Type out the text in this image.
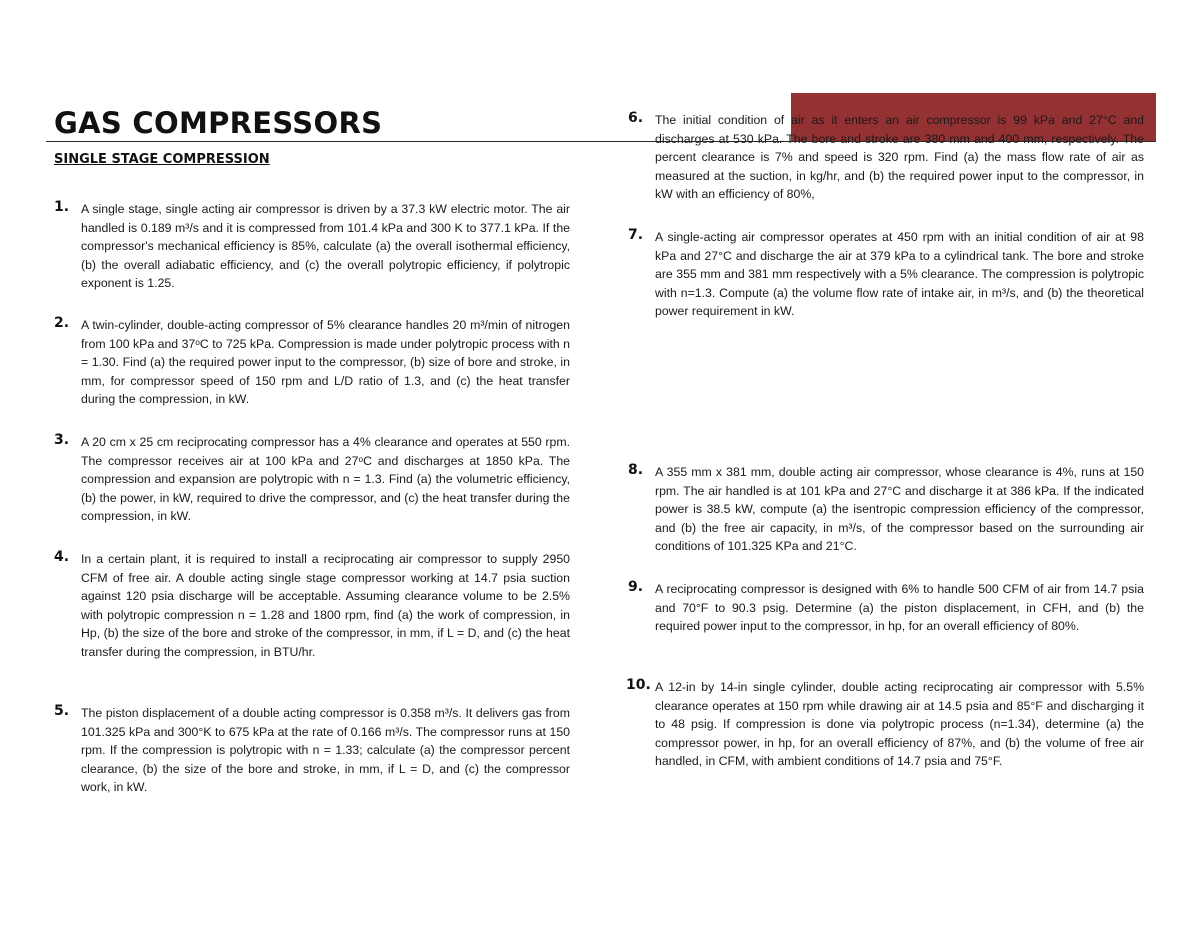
GAS COMPRESSORS
SINGLE STAGE COMPRESSION
1. A single stage, single acting air compressor is driven by a 37.3 kW electric motor. The air handled is 0.189 m³/s and it is compressed from 101.4 kPa and 300 K to 377.1 kPa. If the compressor's mechanical efficiency is 85%, calculate (a) the overall isothermal efficiency, (b) the overall adiabatic efficiency, and (c) the overall polytropic efficiency, if polytropic exponent is 1.25.

2. A twin-cylinder, double-acting compressor of 5% clearance handles 20 m³/min of nitrogen from 100 kPa and 37ᵒC to 725 kPa. Compression is made under polytropic process with n = 1.30. Find (a) the required power input to the compressor, (b) size of bore and stroke, in mm, for compressor speed of 150 rpm and L/D ratio of 1.3, and (c) the heat transfer during the compression, in kW.

3. A 20 cm x 25 cm reciprocating compressor has a 4% clearance and operates at 550 rpm. The compressor receives air at 100 kPa and 27ᵒC and discharges at 1850 kPa. The compression and expansion are polytropic with n = 1.3. Find (a) the volumetric efficiency, (b) the power, in kW, required to drive the compressor, and (c) the heat transfer during the compression, in kW.

4. In a certain plant, it is required to install a reciprocating air compressor to supply 2950 CFM of free air. A double acting single stage compressor working at 14.7 psia suction against 120 psia discharge will be acceptable. Assuming clearance volume to be 2.5% with polytropic compression n = 1.28 and 1800 rpm, find (a) the work of compression, in Hp, (b) the size of the bore and stroke of the compressor, in mm, if L = D, and (c) the heat transfer during the compression, in BTU/hr.

5. The piston displacement of a double acting compressor is 0.358 m³/s. It delivers gas from 101.325 kPa and 300°K to 675 kPa at the rate of 0.166 m³/s. The compressor runs at 150 rpm. If the compression is polytropic with n = 1.33; calculate (a) the compressor percent clearance, (b) the size of the bore and stroke, in mm, if L = D, and (c) the compressor work, in kW.

6. The initial condition of air as it enters an air compressor is 99 kPa and 27°C and discharges at 530 kPa. The bore and stroke are 380 mm and 400 mm, respectively. The percent clearance is 7% and speed is 320 rpm. Find (a) the mass flow rate of air as measured at the suction, in kg/hr, and (b) the required power input to the compressor, in kW with an efficiency of 80%,

7. A single-acting air compressor operates at 450 rpm with an initial condition of air at 98 kPa and 27°C and discharge the air at 379 kPa to a cylindrical tank. The bore and stroke are 355 mm and 381 mm respectively with a 5% clearance. The compression is polytropic with n=1.3. Compute (a) the volume flow rate of intake air, in m³/s, and (b) the theoretical power requirement in kW.

8. A 355 mm x 381 mm, double acting air compressor, whose clearance is 4%, runs at 150 rpm. The air handled is at 101 kPa and 27°C and discharge it at 386 kPa. If the indicated power is 38.5 kW, compute (a) the isentropic compression efficiency of the compressor, and (b) the free air capacity, in m³/s, of the compressor based on the surrounding air conditions of 101.325 KPa and 21°C.

9. A reciprocating compressor is designed with 6% to handle 500 CFM of air from 14.7 psia and 70°F to 90.3 psig. Determine (a) the piston displacement, in CFH, and (b) the required power input to the compressor, in hp, for an overall efficiency of 80%.

10. A 12-in by 14-in single cylinder, double acting reciprocating air compressor with 5.5% clearance operates at 150 rpm while drawing air at 14.5 psia and 85°F and discharging it to 48 psig. If compression is done via polytropic process (n=1.34), determine (a) the compressor power, in hp, for an overall efficiency of 87%, and (b) the volume of free air handled, in CFM, with ambient conditions of 14.7 psia and 75°F.
